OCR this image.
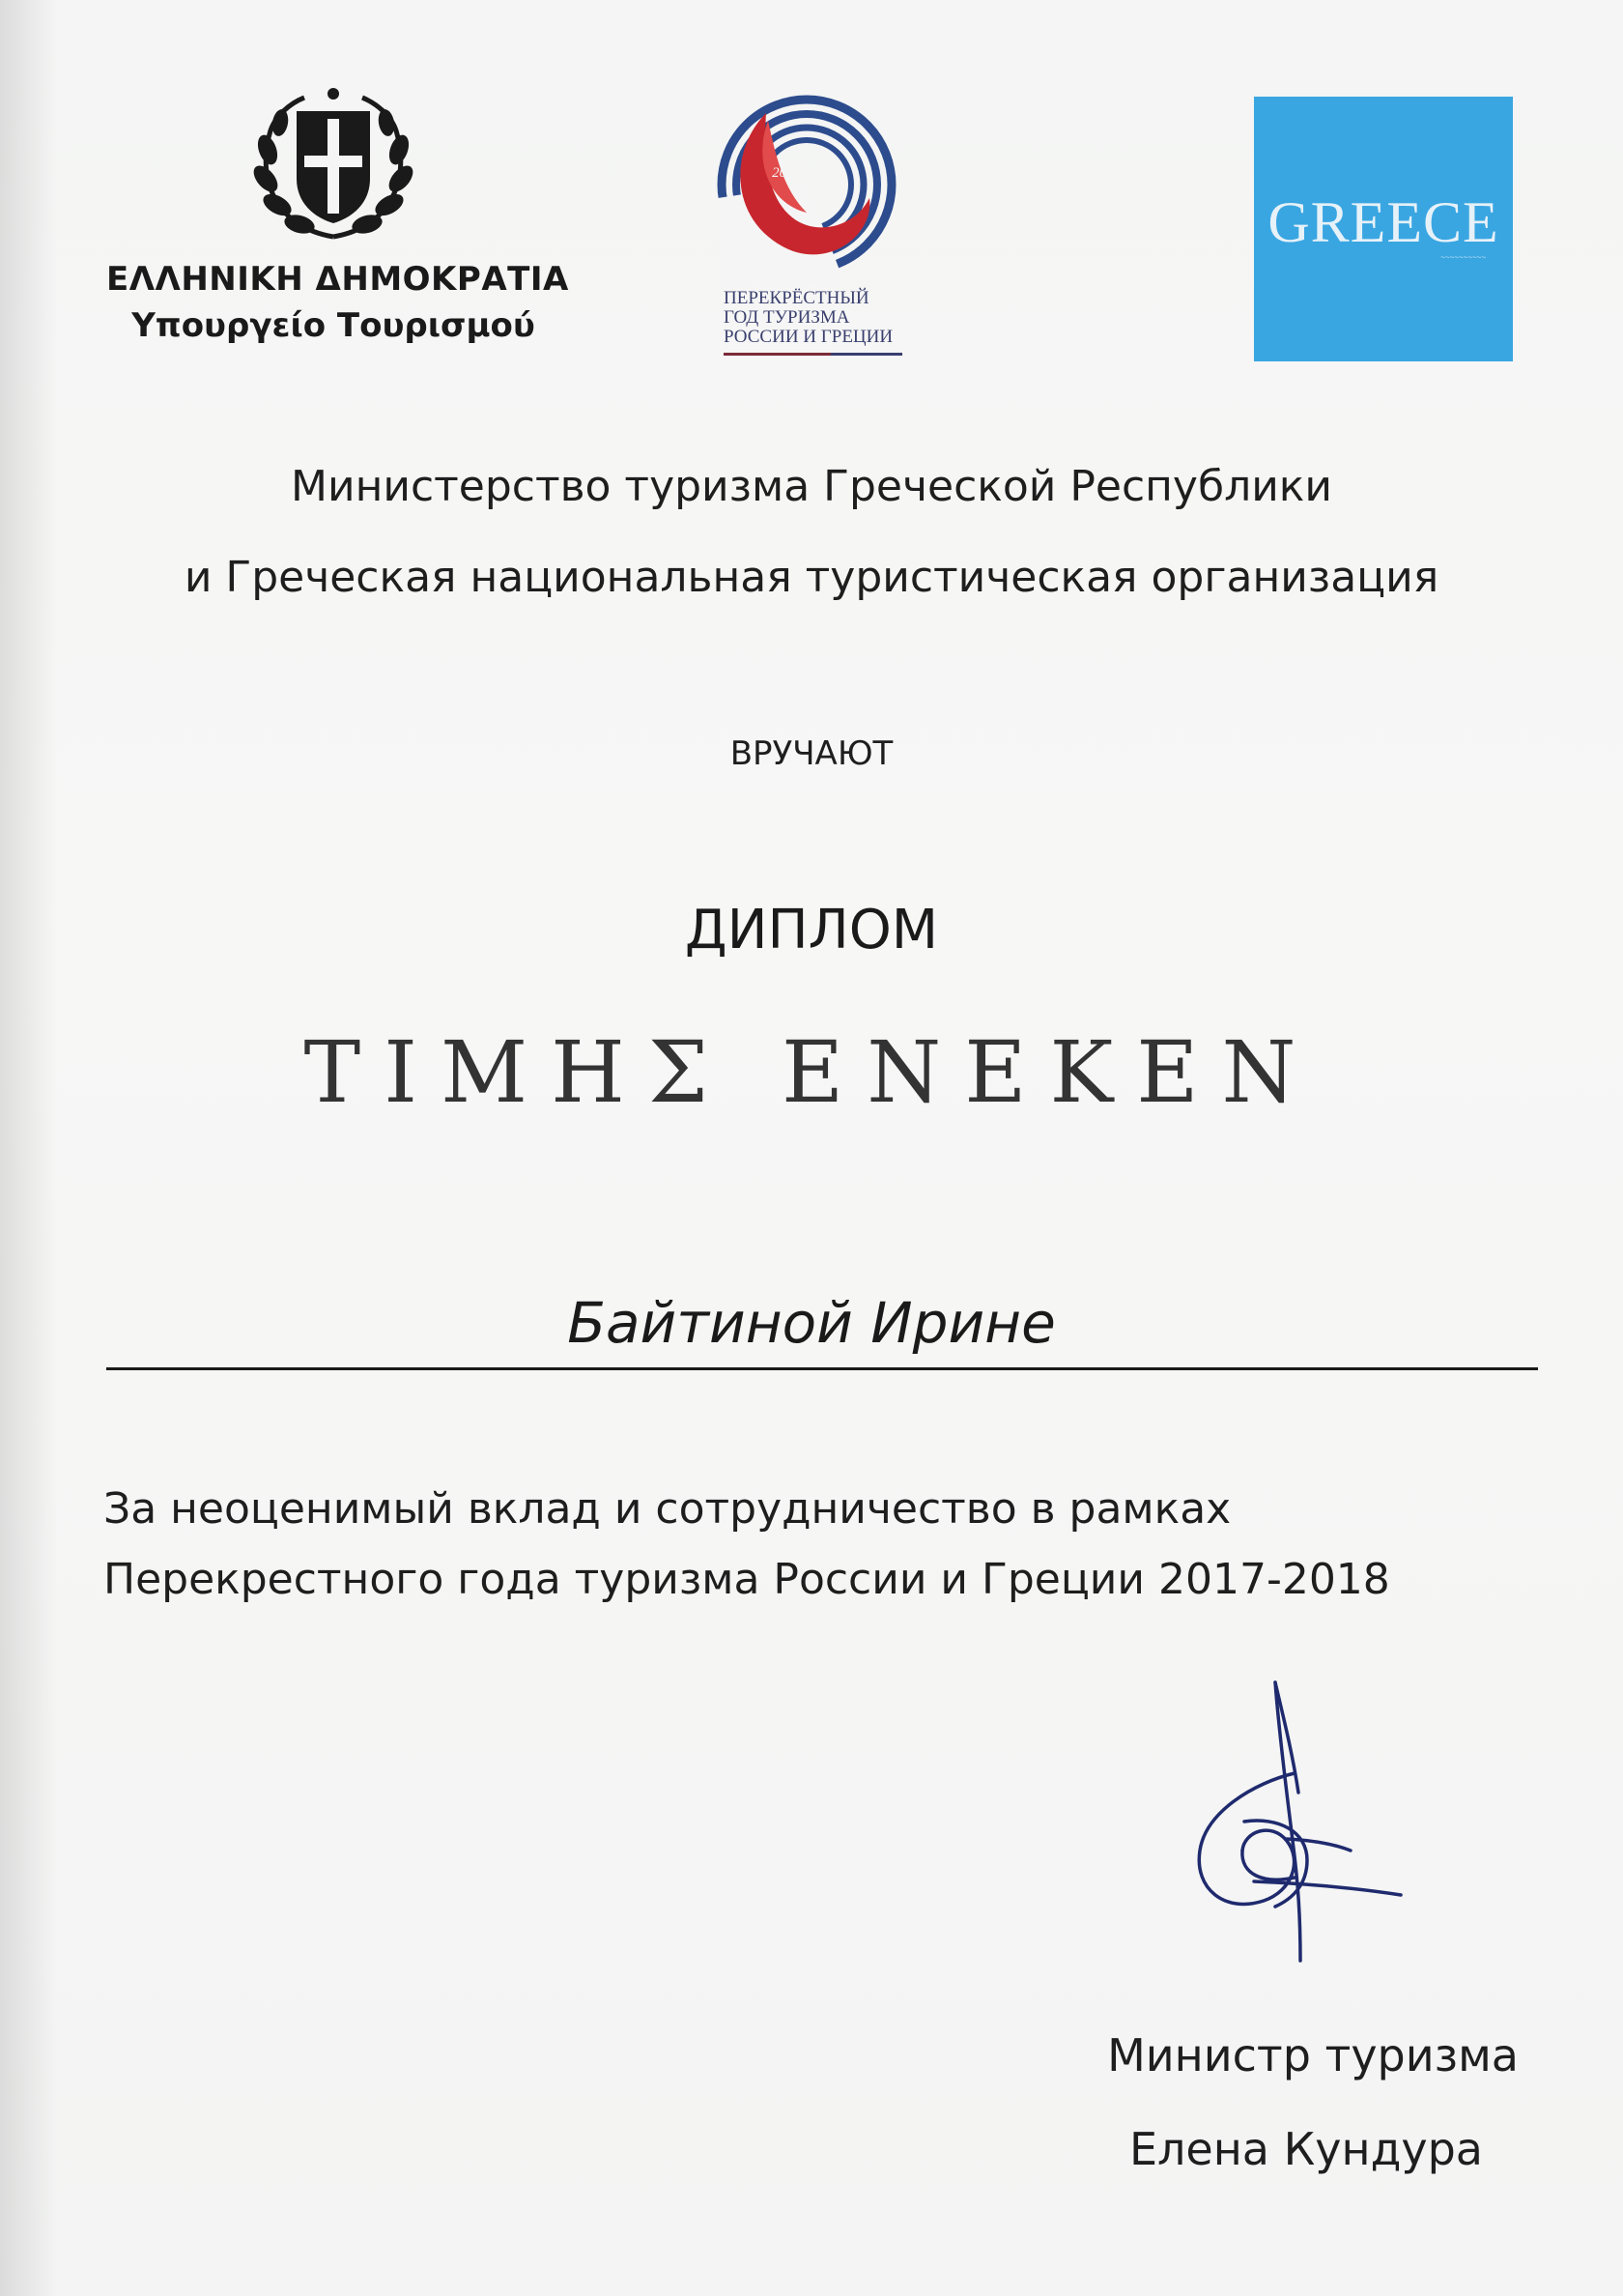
ΕΛΛΗΝΙΚΗ ΔΗΜΟΚΡΑΤΙΑ
Υπουργείο Τουρισμού
2017 2018
ПЕРЕКРЁСТНЫЙ
ГОД ТУРИЗМА
РОССИИ И ГРЕЦИИ
GREECE
~~~~~~~~~~
Министерство туризма Греческой Республики
и Греческая национальная туристическая организация
ВРУЧАЮТ
ДИПЛОМ
ΤΙΜΗΣ ΕΝΕΚΕΝ
Байтиной Ирине
За неоценимый вклад и сотрудничество в рамках
Перекрестного года туризма России и Греции 2017-2018
Министр туризма
Елена Кундура
